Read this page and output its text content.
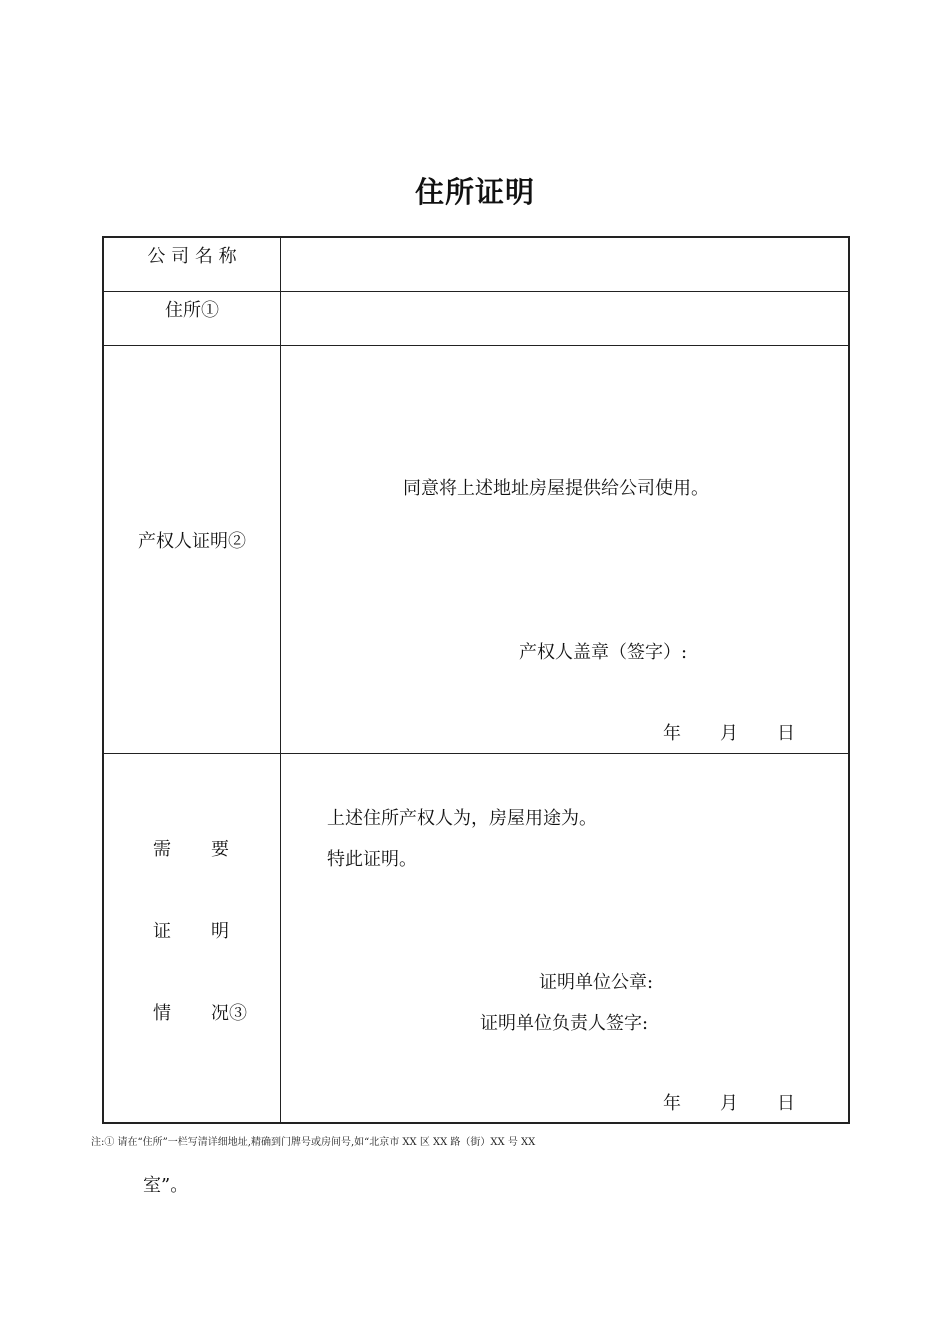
住所证明
公 司 名 称
住所①
产权人证明②
同意将上述地址房屋提供给公司使用。
产权人盖章（签字）:
年 月 日
需 要
证 明
情 况③
上述住所产权人为，房屋用途为。
特此证明。
证明单位公章:
证明单位负责人签字:
年 月 日
注:① 请在“住所”一栏写清详细地址,精确到门牌号或房间号,如“北京市 XX 区 XX 路（街）XX 号 XX
室”。
